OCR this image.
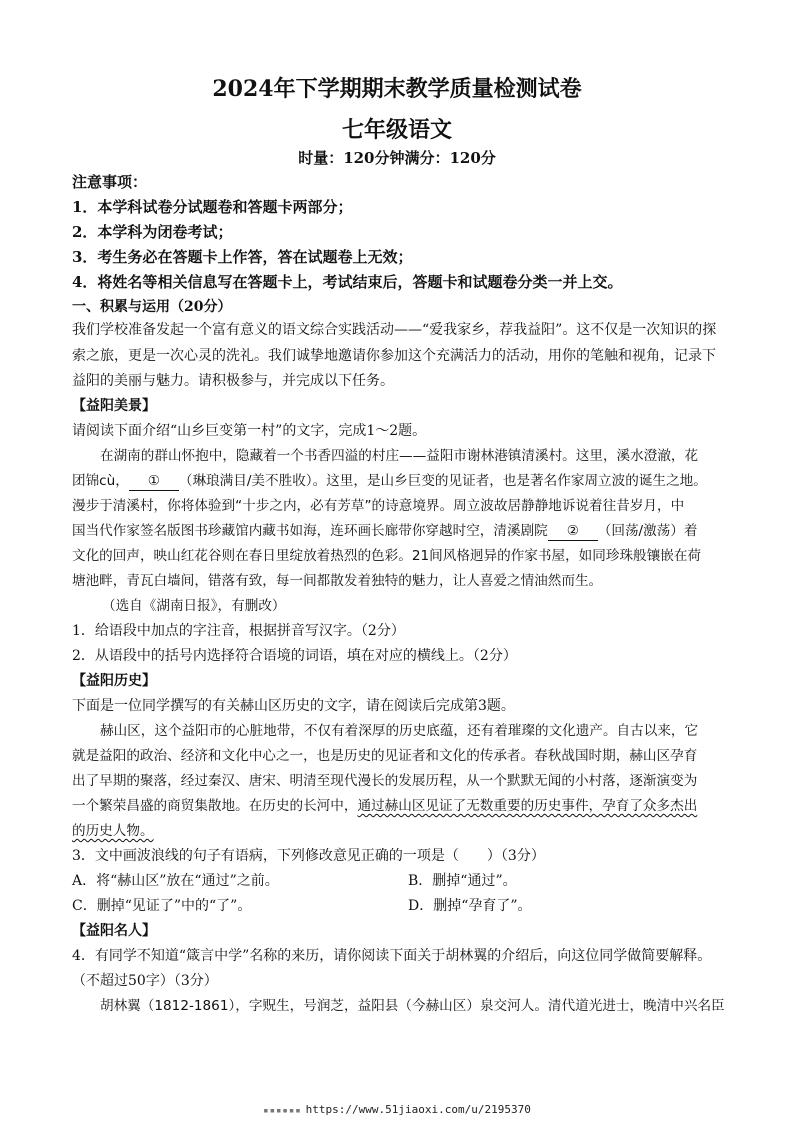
2024年下学期期末教学质量检测试卷
七年级语文
时量：120分钟满分：120分
注意事项：
1．本学科试卷分试题卷和答题卡两部分；
2．本学科为闭卷考试；
3．考生务必在答题卡上作答，答在试题卷上无效；
4．将姓名等相关信息写在答题卡上，考试结束后，答题卡和试题卷分类一并上交。
一、积累与运用（20分）
我们学校准备发起一个富有意义的语文综合实践活动——“爱我家乡，荐我益阳”。这不仅是一次知识的探
索之旅，更是一次心灵的洗礼。我们诚挚地邀请你参加这个充满活力的活动，用你的笔触和视角，记录下
益阳的美丽与魅力。请积极参与，并完成以下任务。
【益阳美景】
请阅读下面介绍“山乡巨变第一村”的文字，完成1～2题。
在湖南的群山怀抱中，隐藏着一个书香四溢的村庄——益阳市谢林港镇清溪村。这里，溪水澄澈，花
团锦cù， ① （琳琅满目/美不胜收）。这里，是山乡巨变的见证者，也是著名作家周立波的诞生之地。
漫步于清溪村，你将体验到“十步之内，必有芳草”的诗意境界。周立波故居静静地诉说着往昔岁月，中
国当代作家签名版图书珍藏馆内藏书如海，连环画长廊带你穿越时空，清溪剧院 ② （回荡/激荡）着
文化的回声，映山红花谷则在春日里绽放着热烈的色彩。21间风格迥异的作家书屋，如同珍珠般镶嵌在荷
塘池畔，青瓦白墙间，错落有致，每一间都散发着独特的魅力，让人喜爱之情油然而生。
（选自《湖南日报》，有删改）
1．给语段中加点的字注音，根据拼音写汉字。（2分）
2．从语段中的括号内选择符合语境的词语，填在对应的横线上。（2分）
【益阳历史】
下面是一位同学撰写的有关赫山区历史的文字，请在阅读后完成第3题。
赫山区，这个益阳市的心脏地带，不仅有着深厚的历史底蕴，还有着璀璨的文化遗产。自古以来，它
就是益阳的政治、经济和文化中心之一，也是历史的见证者和文化的传承者。春秋战国时期，赫山区孕育
出了早期的聚落，经过秦汉、唐宋、明清至现代漫长的发展历程，从一个默默无闻的小村落，逐渐演变为
一个繁荣昌盛的商贸集散地。在历史的长河中，通过赫山区见证了无数重要的历史事件，孕育了众多杰出
的历史人物。
3．文中画波浪线的句子有语病，下列修改意见正确的一项是（　　）（3分）
A．将“赫山区”放在“通过”之前。	B．删掉“通过”。
C．删掉“见证了”中的“了”。	D．删掉“孕育了”。
【益阳名人】
4．有同学不知道“箴言中学”名称的来历，请你阅读下面关于胡林翼的介绍后，向这位同学做简要解释。
（不超过50字）（3分）
胡林翼（1812-1861），字贶生，号润芝，益阳县（今赫山区）泉交河人。清代道光进士，晚清中兴名臣
▪▪▪▪▪▪ https://www.51jiaoxi.com/u/2195370
